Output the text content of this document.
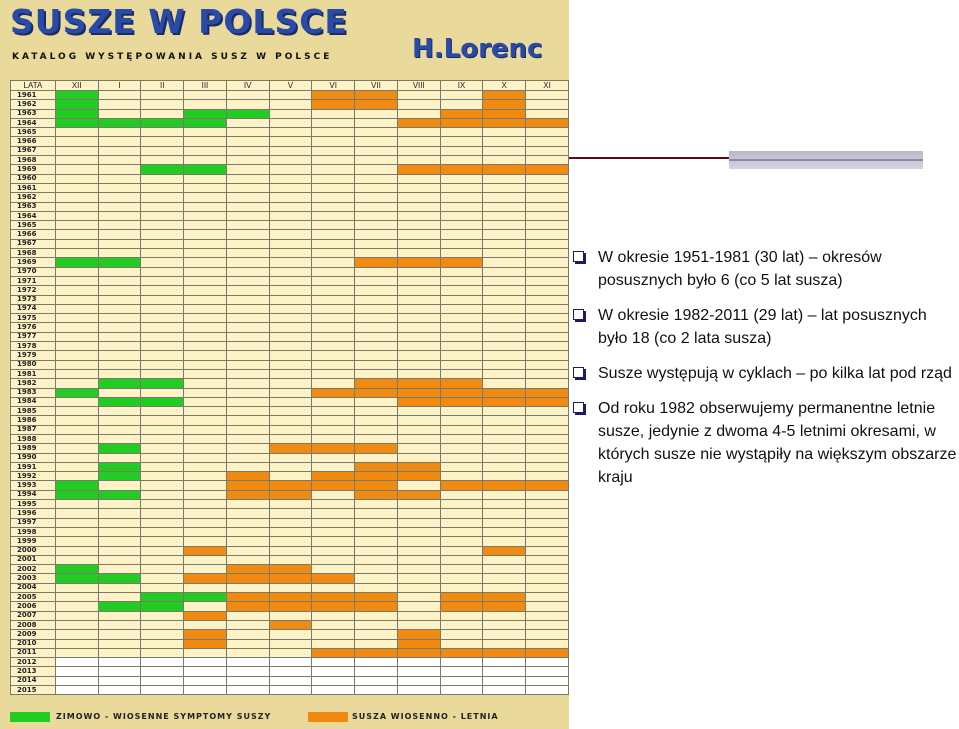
SUSZE W POLSCE
KATALOG WYSTĘPOWANIA SUSZ W POLSCE	H.Lorenc
LATA	XII	I	II	III	IV	V	VI	VII	VIII	IX	X	XI
1961												
1962												
1963												
1964												
1965												
1966												
1967												
1968												
1969												
1960												
1961												
1962												
1963												
1964												
1965												
1966												
1967												
1968												
1969												
1970												
1971												
1972												
1973												
1974												
1975												
1976												
1977												
1978												
1979												
1980												
1981												
1982												
1983												
1984												
1985												
1986												
1987												
1988												
1989												
1990												
1991												
1992												
1993												
1994												
1995												
1996												
1997												
1998												
1999												
2000												
2001												
2002												
2003												
2004												
2005												
2006												
2007												
2008												
2009												
2010												
2011												
2012												
2013												
2014												
2015												
ZIMOWO - WIOSENNE SYMPTOMY SUSZY	SUSZA WIOSENNO - LETNIA
W okresie 1951-1981 (30 lat) – okresów posusznych było 6 (co 5 lat susza)
W okresie 1982-2011 (29 lat) – lat posusznych było 18 (co 2 lata susza)
Susze występują w cyklach – po kilka lat pod rząd
Od roku 1982 obserwujemy permanentne letnie susze, jedynie z dwoma 4-5 letnimi okresami, w których susze nie wystąpiły na większym obszarze kraju
